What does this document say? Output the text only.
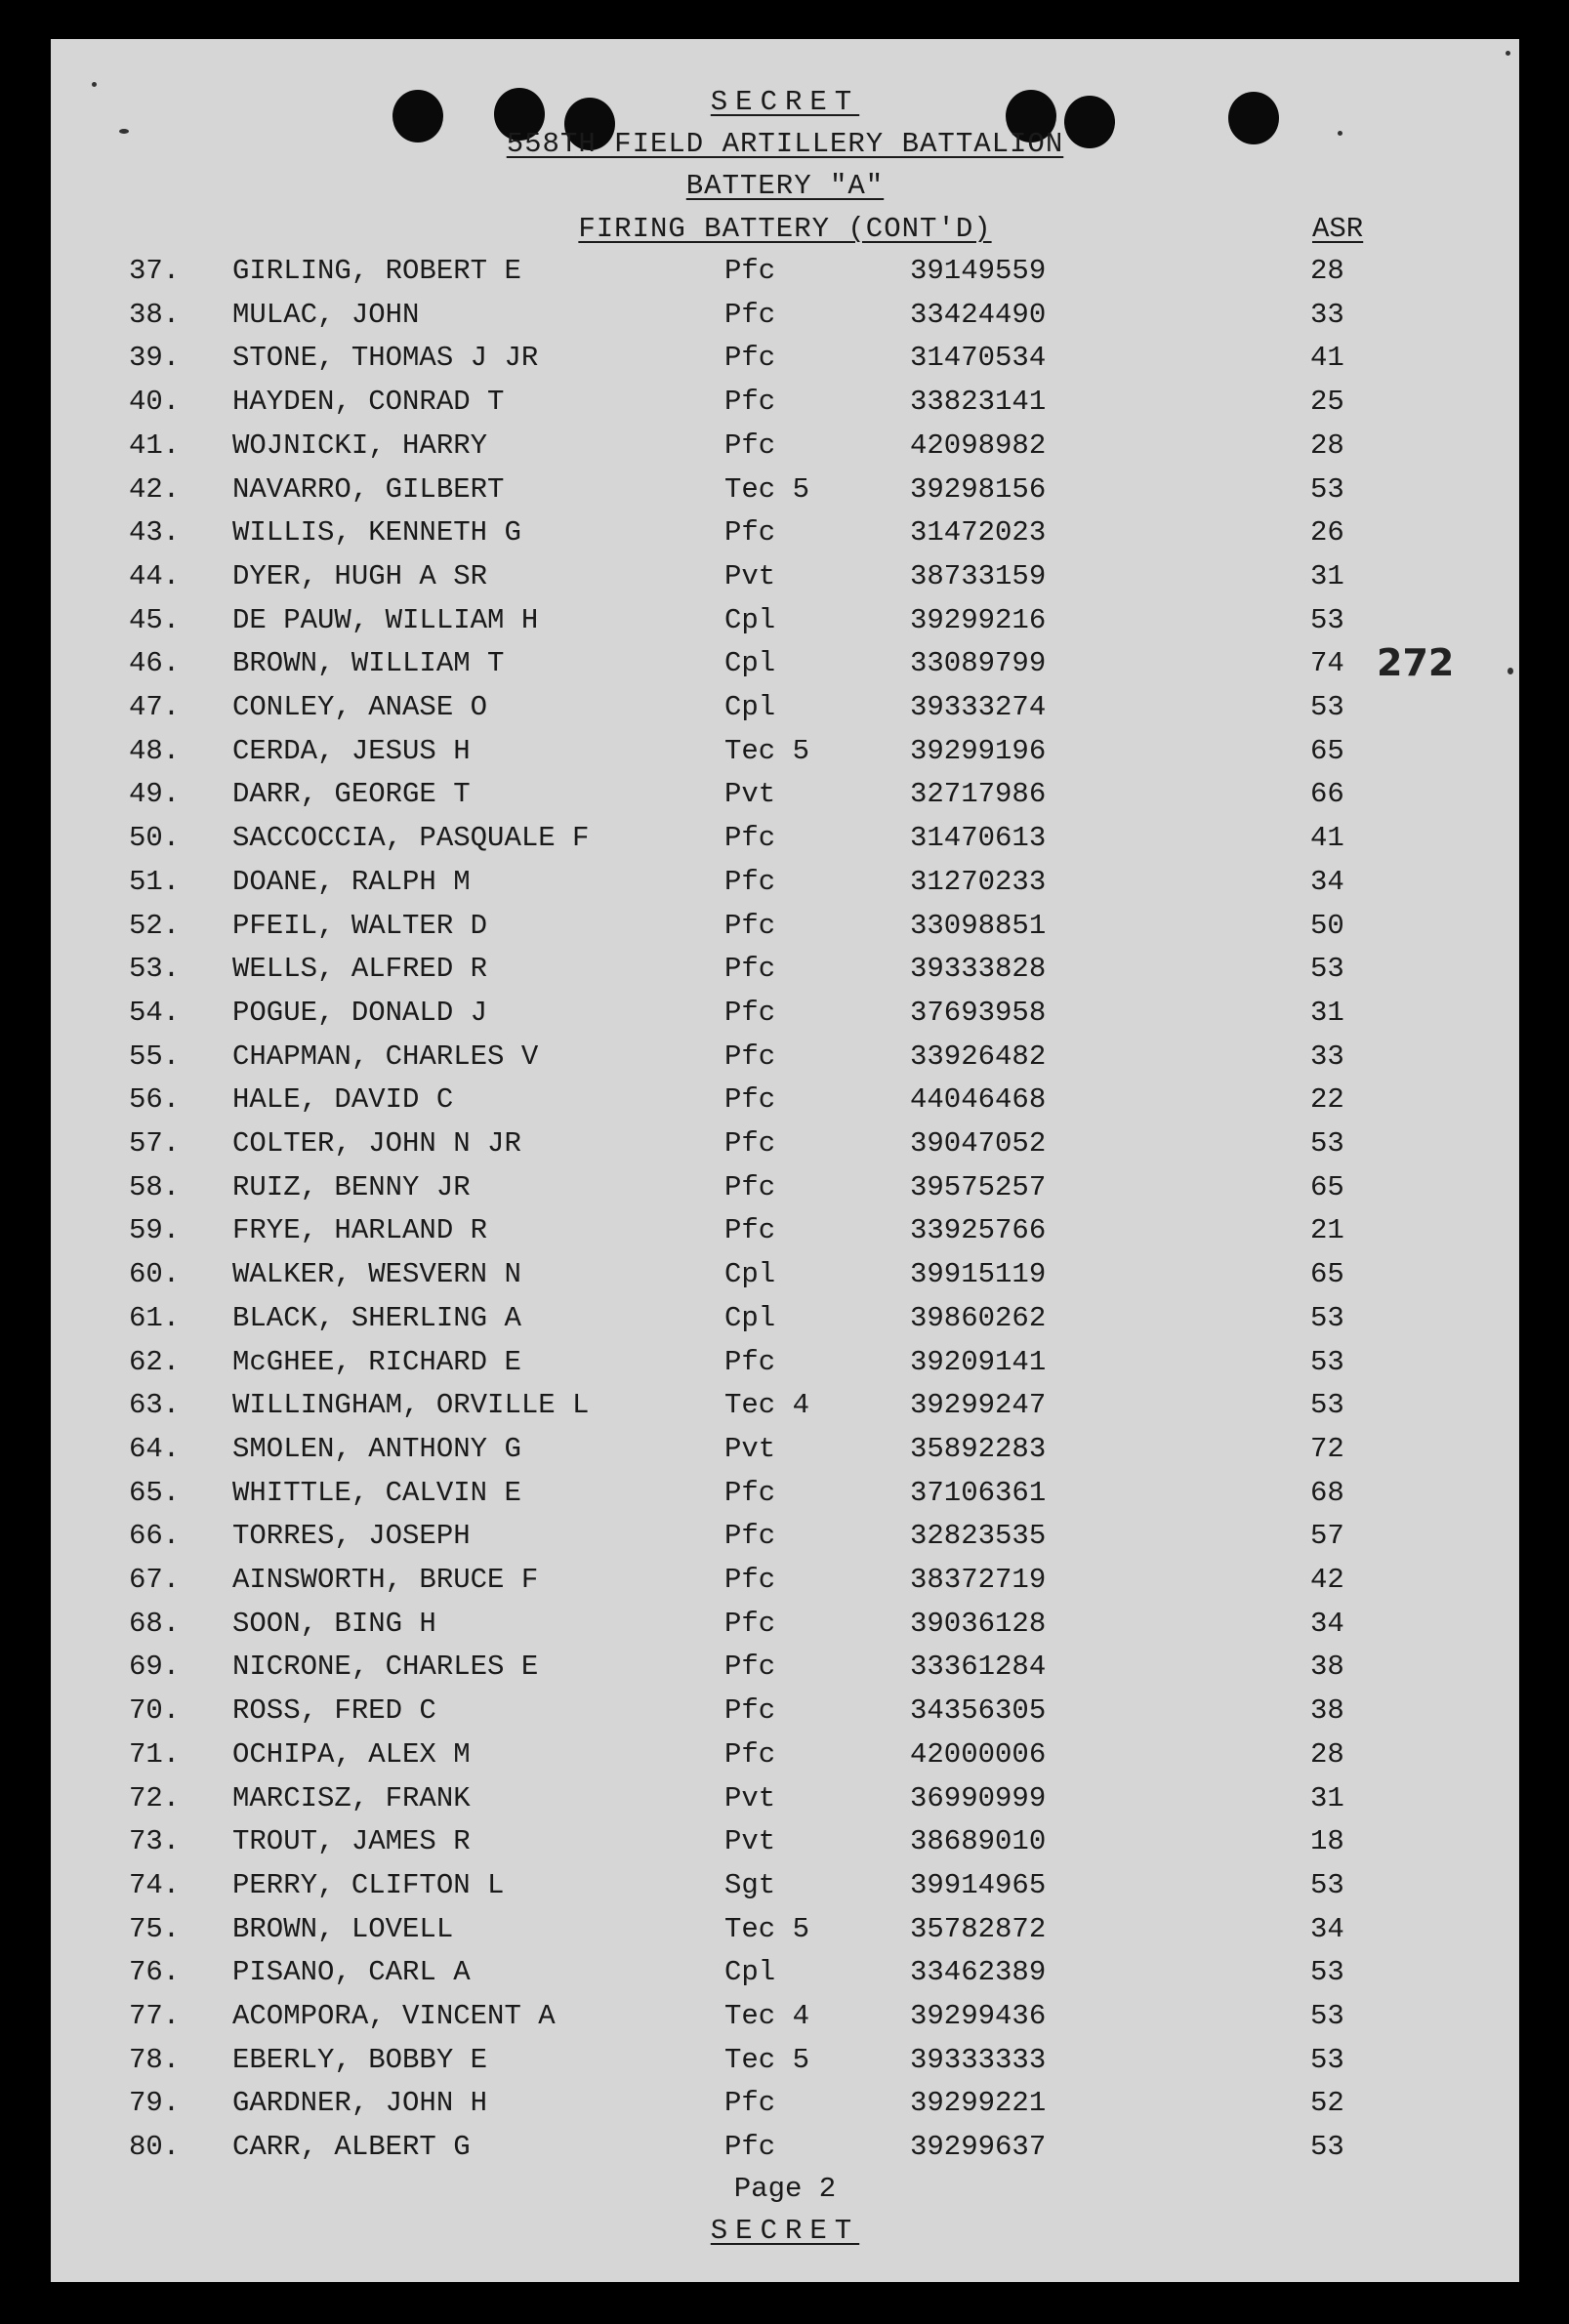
SECRET
558TH FIELD ARTILLERY BATTALION
BATTERY "A"
FIRING BATTERY (CONT'D)	ASR
37. GIRLING, ROBERT E	Pfc	39149559	28
38. MULAC, JOHN	Pfc	33424490	33
39. STONE, THOMAS J JR	Pfc	31470534	41
40. HAYDEN, CONRAD T	Pfc	33823141	25
41. WOJNICKI, HARRY	Pfc	42098982	28
42. NAVARRO, GILBERT	Tec 5	39298156	53
43. WILLIS, KENNETH G	Pfc	31472023	26
44. DYER, HUGH A SR	Pvt	38733159	31
45. DE PAUW, WILLIAM H	Cpl	39299216	53
46. BROWN, WILLIAM T	Cpl	33089799	74
47. CONLEY, ANASE O	Cpl	39333274	53
48. CERDA, JESUS H	Tec 5	39299196	65
49. DARR, GEORGE T	Pvt	32717986	66
50. SACCOCCIA, PASQUALE F	Pfc	31470613	41
51. DOANE, RALPH M	Pfc	31270233	34
52. PFEIL, WALTER D	Pfc	33098851	50
53. WELLS, ALFRED R	Pfc	39333828	53
54. POGUE, DONALD J	Pfc	37693958	31
55. CHAPMAN, CHARLES V	Pfc	33926482	33
56. HALE, DAVID C	Pfc	44046468	22
57. COLTER, JOHN N JR	Pfc	39047052	53
58. RUIZ, BENNY JR	Pfc	39575257	65
59. FRYE, HARLAND R	Pfc	33925766	21
60. WALKER, WESVERN N	Cpl	39915119	65
61. BLACK, SHERLING A	Cpl	39860262	53
62. McGHEE, RICHARD E	Pfc	39209141	53
63. WILLINGHAM, ORVILLE L	Tec 4	39299247	53
64. SMOLEN, ANTHONY G	Pvt	35892283	72
65. WHITTLE, CALVIN E	Pfc	37106361	68
66. TORRES, JOSEPH	Pfc	32823535	57
67. AINSWORTH, BRUCE F	Pfc	38372719	42
68. SOON, BING H	Pfc	39036128	34
69. NICRONE, CHARLES E	Pfc	33361284	38
70. ROSS, FRED C	Pfc	34356305	38
71. OCHIPA, ALEX M	Pfc	42000006	28
72. MARCISZ, FRANK	Pvt	36990999	31
73. TROUT, JAMES R	Pvt	38689010	18
74. PERRY, CLIFTON L	Sgt	39914965	53
75. BROWN, LOVELL	Tec 5	35782872	34
76. PISANO, CARL A	Cpl	33462389	53
77. ACOMPORA, VINCENT A	Tec 4	39299436	53
78. EBERLY, BOBBY E	Tec 5	39333333	53
79. GARDNER, JOHN H	Pfc	39299221	52
80. CARR, ALBERT G	Pfc	39299637	53
272
Page 2
SECRET
